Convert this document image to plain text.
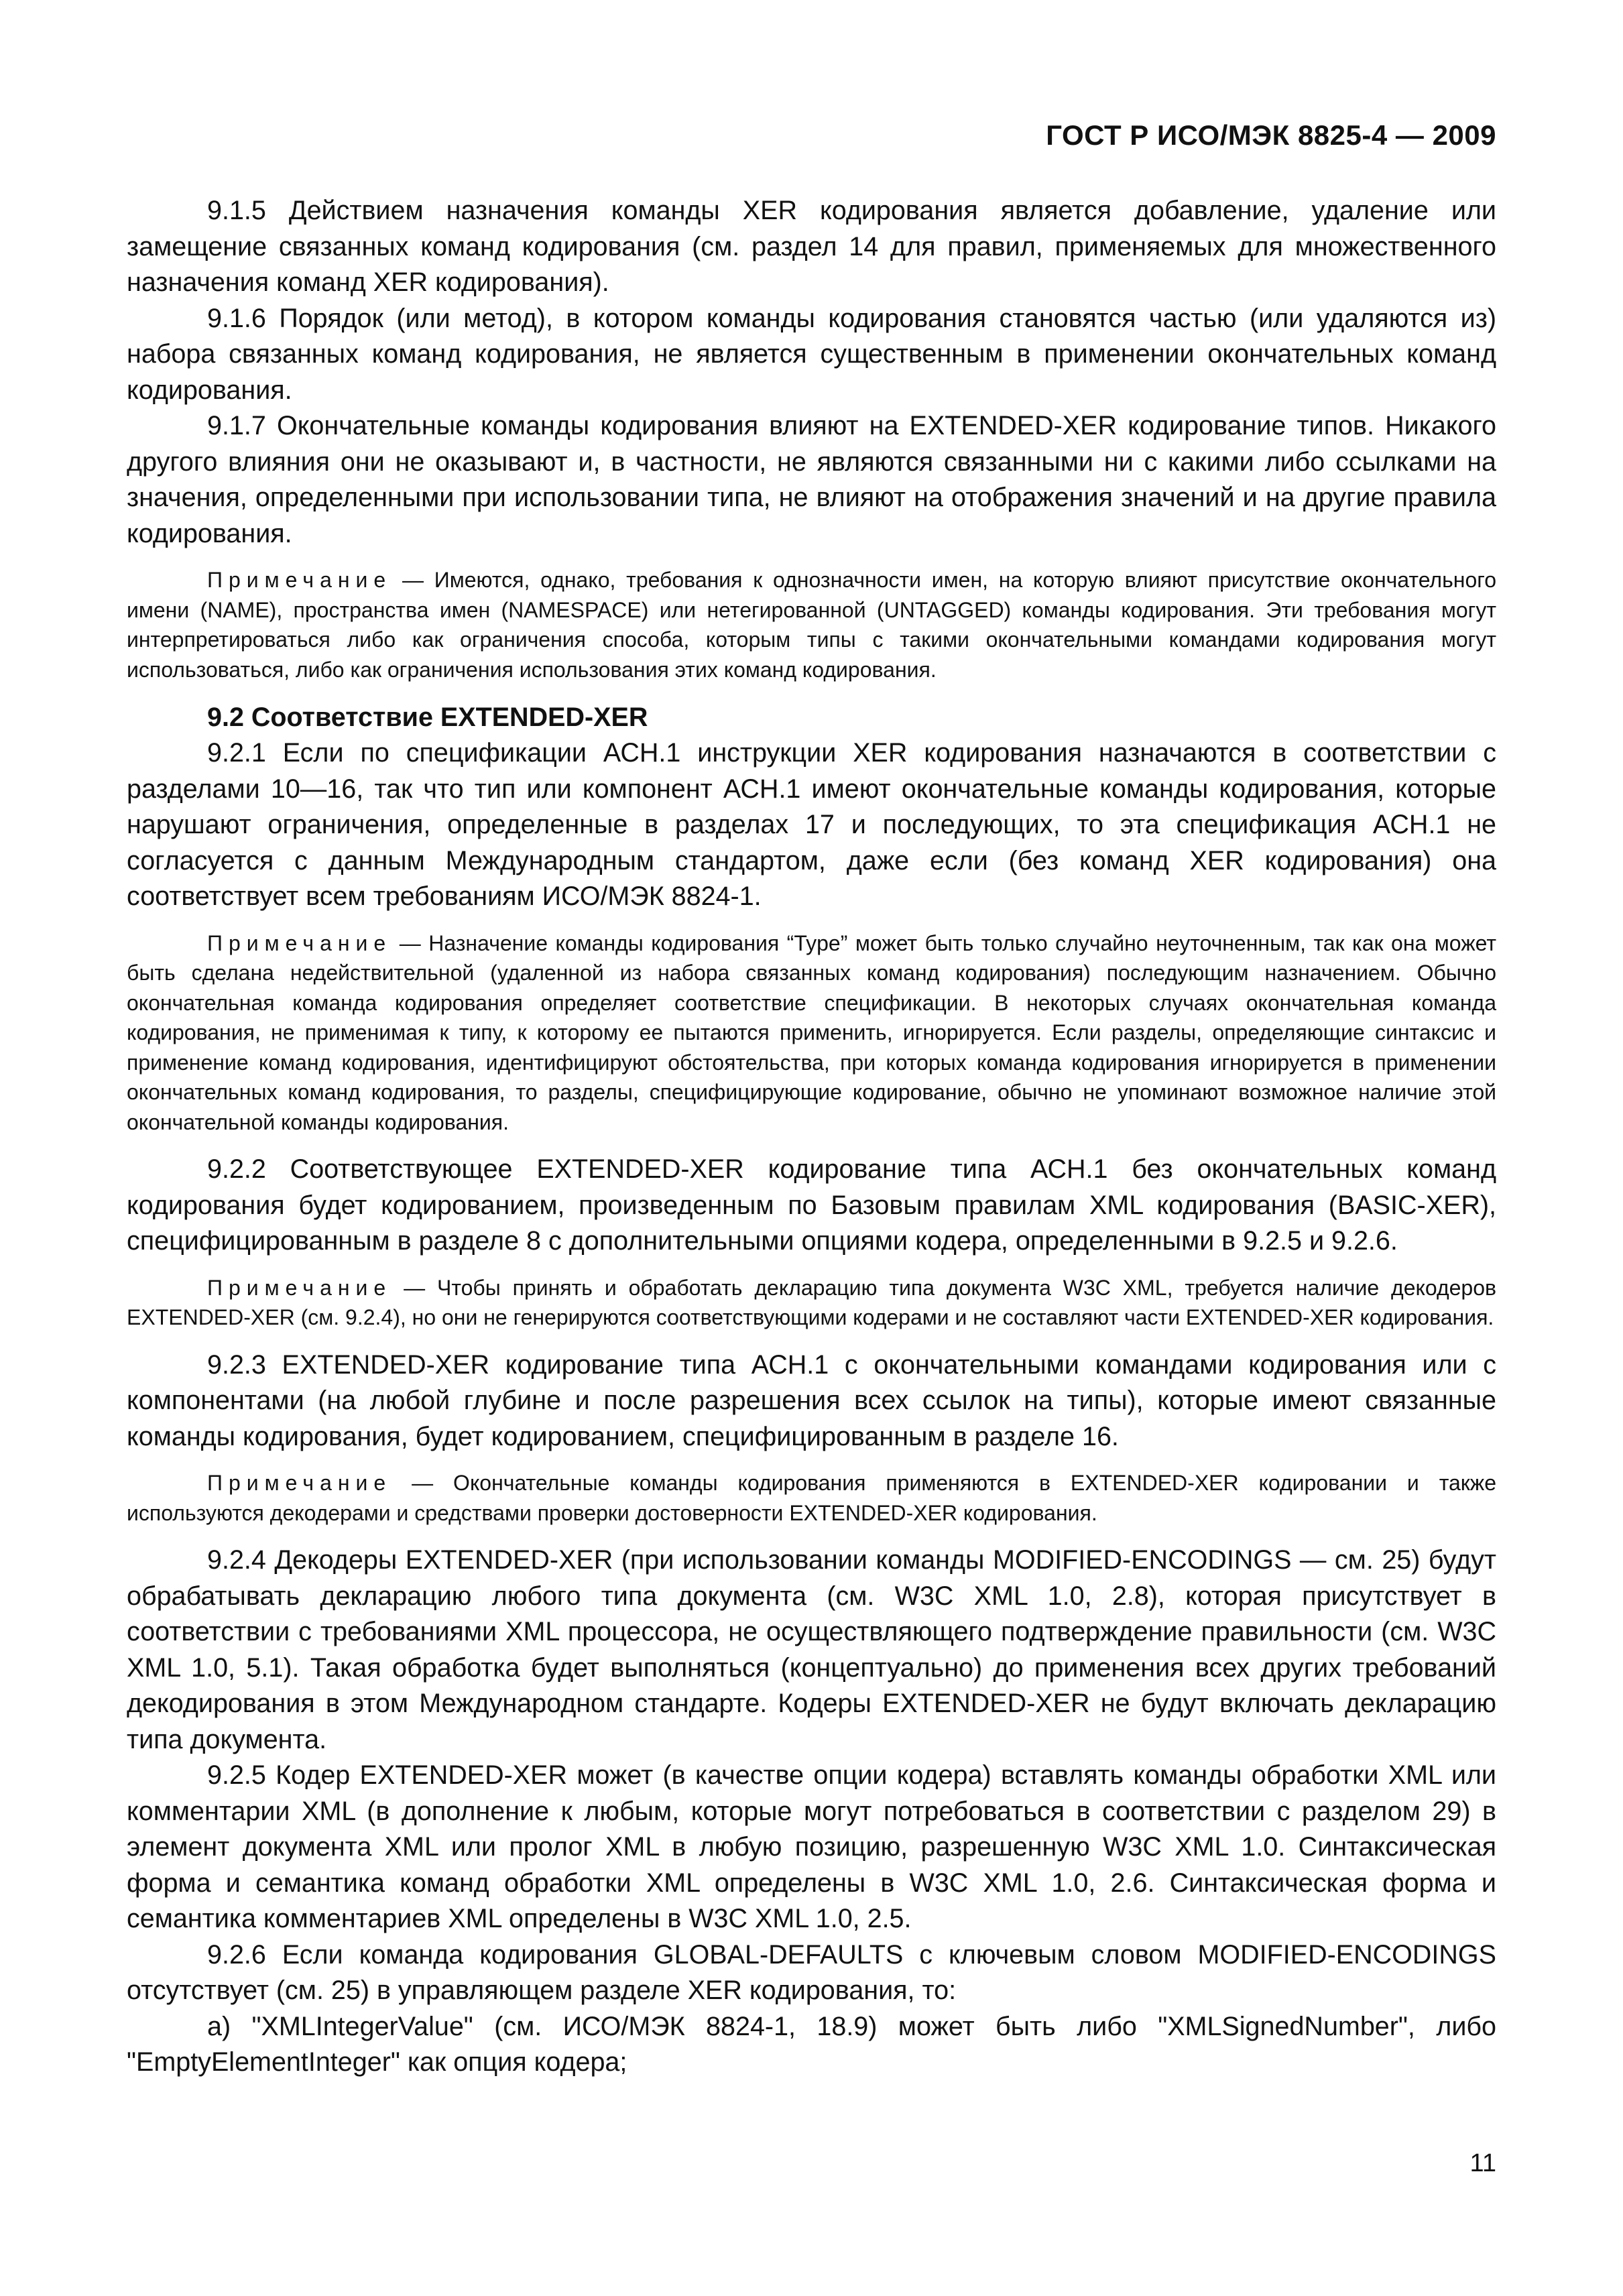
ГОСТ Р ИСО/МЭК 8825-4 — 2009

9.1.5 Действием назначения команды XER кодирования является добавление, удаление или замещение связанных команд кодирования (см. раздел 14 для правил, применяемых для множественного назначения команд XER кодирования).

9.1.6 Порядок (или метод), в котором команды кодирования становятся частью (или удаляются из) набора связанных команд кодирования, не является существенным в применении окончательных команд кодирования.

9.1.7 Окончательные команды кодирования влияют на EXTENDED-XER кодирование типов. Никакого другого влияния они не оказывают и, в частности, не являются связанными ни с какими либо ссылками на значения, определенными при использовании типа, не влияют на отображения значений и на другие правила кодирования.

Примечание — Имеются, однако, требования к однозначности имен, на которую влияют присутствие окончательного имени (NAME), пространства имен (NAMESPACE) или нетегированной (UNTAGGED) команды кодирования. Эти требования могут интерпретироваться либо как ограничения способа, которым типы с такими окончательными командами кодирования могут использоваться, либо как ограничения использования этих команд кодирования.

9.2 Соответствие EXTENDED-XER

9.2.1 Если по спецификации АСН.1 инструкции XER кодирования назначаются в соответствии с разделами 10—16, так что тип или компонент АСН.1 имеют окончательные команды кодирования, которые нарушают ограничения, определенные в разделах 17 и последующих, то эта спецификация АСН.1 не согласуется с данным Международным стандартом, даже если (без команд XER кодирования) она соответствует всем требованиям ИСО/МЭК 8824-1.

Примечание — Назначение команды кодирования “Type” может быть только случайно неуточненным, так как она может быть сделана недействительной (удаленной из набора связанных команд кодирования) последующим назначением. Обычно окончательная команда кодирования определяет соответствие спецификации. В некоторых случаях окончательная команда кодирования, не применимая к типу, к которому ее пытаются применить, игнорируется. Если разделы, определяющие синтаксис и применение команд кодирования, идентифицируют обстоятельства, при которых команда кодирования игнорируется в применении окончательных команд кодирования, то разделы, специфицирующие кодирование, обычно не упоминают возможное наличие этой окончательной команды кодирования.

9.2.2 Соответствующее EXTENDED-XER кодирование типа АСН.1 без окончательных команд кодирования будет кодированием, произведенным по Базовым правилам XML кодирования (BASIC-XER), специфицированным в разделе 8 с дополнительными опциями кодера, определенными в 9.2.5 и 9.2.6.

Примечание — Чтобы принять и обработать декларацию типа документа W3C XML, требуется наличие декодеров EXTENDED-XER (см. 9.2.4), но они не генерируются соответствующими кодерами и не составляют части EXTENDED-XER кодирования.

9.2.3 EXTENDED-XER кодирование типа АСН.1 с окончательными командами кодирования или с компонентами (на любой глубине и после разрешения всех ссылок на типы), которые имеют связанные команды кодирования, будет кодированием, специфицированным в разделе 16.

Примечание — Окончательные команды кодирования применяются в EXTENDED-XER кодировании и также используются декодерами и средствами проверки достоверности EXTENDED-XER кодирования.

9.2.4 Декодеры EXTENDED-XER (при использовании команды MODIFIED-ENCODINGS — см. 25) будут обрабатывать декларацию любого типа документа (см. W3C XML 1.0, 2.8), которая присутствует в соответствии с требованиями XML процессора, не осуществляющего подтверждение правильности (см. W3C XML 1.0, 5.1). Такая обработка будет выполняться (концептуально) до применения всех других требований декодирования в этом Международном стандарте. Кодеры EXTENDED-XER не будут включать декларацию типа документа.

9.2.5 Кодер EXTENDED-XER может (в качестве опции кодера) вставлять команды обработки XML или комментарии XML (в дополнение к любым, которые могут потребоваться в соответствии с разделом 29) в элемент документа XML или пролог XML в любую позицию, разрешенную W3C XML 1.0. Синтаксическая форма и семантика команд обработки XML определены в W3C XML 1.0, 2.6. Синтаксическая форма и семантика комментариев XML определены в W3C XML 1.0, 2.5.

9.2.6 Если команда кодирования GLOBAL-DEFAULTS с ключевым словом MODIFIED-ENCODINGS отсутствует (см. 25) в управляющем разделе XER кодирования, то:

a) "XMLIntegerValue" (см. ИСО/МЭК 8824-1, 18.9) может быть либо "XMLSignedNumber", либо "EmptyElementInteger" как опция кодера;

11
